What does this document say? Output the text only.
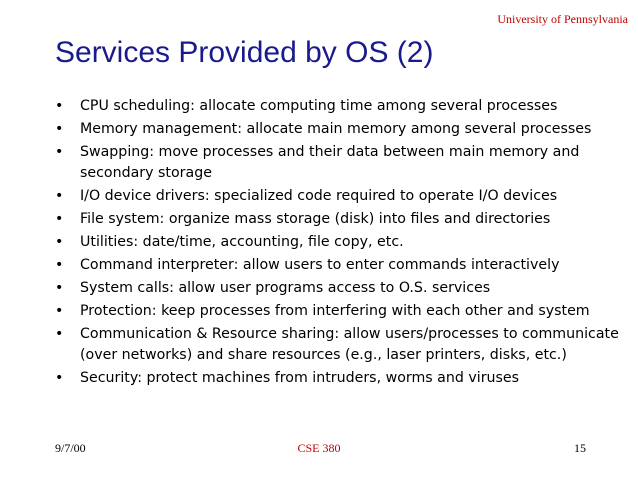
University of Pennsylvania
Services Provided by OS (2)
• CPU scheduling: allocate computing time among several processes
• Memory management: allocate main memory among several processes
• Swapping: move processes and their data between main memory and secondary storage
• I/O device drivers: specialized code required to operate I/O devices
• File system: organize mass storage (disk) into files and directories
• Utilities: date/time, accounting, file copy, etc.
• Command interpreter: allow users to enter commands interactively
• System calls: allow user programs access to O.S. services
• Protection: keep processes from interfering with each other and system
• Communication & Resource sharing: allow users/processes to communicate (over networks) and share resources (e.g., laser printers, disks, etc.)
• Security: protect machines from intruders, worms and viruses
9/7/00	CSE 380	15
